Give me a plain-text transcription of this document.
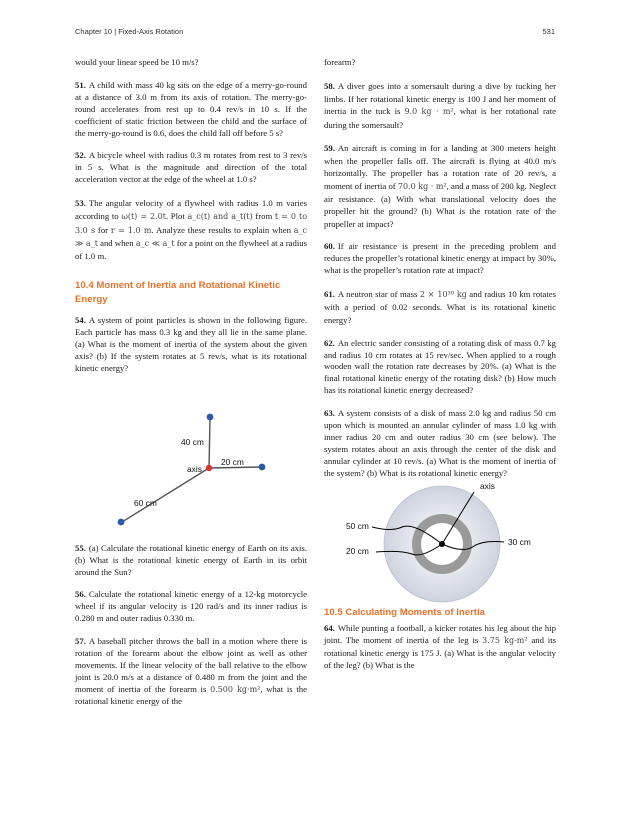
Chapter 10 | Fixed-Axis Rotation	531

would your linear speed be 10 m/s?

51. A child with mass 40 kg sits on the edge of a merry-go-round at a distance of 3.0 m from its axis of rotation. The merry-go-round accelerates from rest up to 0.4 rev/s in 10 s. If the coefficient of static friction between the child and the surface of the merry-go-round is 0.6, does the child fall off before 5 s?

52. A bicycle wheel with radius 0.3 m rotates from rest to 3 rev/s in 5 s. What is the magnitude and direction of the total acceleration vector at the edge of the wheel at 1.0 s?

53. The angular velocity of a flywheel with radius 1.0 m varies according to ω(t) = 2.0t. Plot a_c(t) and a_t(t) from t = 0 to 3.0 s for r = 1.0 m. Analyze these results to explain when a_c ≫ a_t and when a_c ≪ a_t for a point on the flywheel at a radius of 1.0 m.

10.4 Moment of Inertia and Rotational Kinetic Energy

54. A system of point particles is shown in the following figure. Each particle has mass 0.3 kg and they all lie in the same plane. (a) What is the moment of inertia of the system about the given axis? (b) If the system rotates at 5 rev/s, what is its rotational kinetic energy?

40 cm
axis
20 cm
60 cm

55. (a) Calculate the rotational kinetic energy of Earth on its axis. (b) What is the rotational kinetic energy of Earth in its orbit around the Sun?

56. Calculate the rotational kinetic energy of a 12-kg motorcycle wheel if its angular velocity is 120 rad/s and its inner radius is 0.280 m and outer radius 0.330 m.

57. A baseball pitcher throws the ball in a motion where there is rotation of the forearm about the elbow joint as well as other movements. If the linear velocity of the ball relative to the elbow joint is 20.0 m/s at a distance of 0.480 m from the joint and the moment of inertia of the forearm is 0.500 kg·m², what is the rotational kinetic energy of the

forearm?

58. A diver goes into a somersault during a dive by tucking her limbs. If her rotational kinetic energy is 100 J and her moment of inertia in the tuck is 9.0 kg · m², what is her rotational rate during the somersault?

59. An aircraft is coming in for a landing at 300 meters height when the propeller falls off. The aircraft is flying at 40.0 m/s horizontally. The propeller has a rotation rate of 20 rev/s, a moment of inertia of 70.0 kg · m², and a mass of 200 kg. Neglect air resistance. (a) With what translational velocity does the propeller hit the ground? (b) What is the rotation rate of the propeller at impact?

60. If air resistance is present in the preceding problem and reduces the propeller’s rotational kinetic energy at impact by 30%, what is the propeller’s rotation rate at impact?

61. A neutron star of mass 2 × 10³⁰ kg and radius 10 km rotates with a period of 0.02 seconds. What is its rotational kinetic energy?

62. An electric sander consisting of a rotating disk of mass 0.7 kg and radius 10 cm rotates at 15 rev/sec. When applied to a rough wooden wall the rotation rate decreases by 20%. (a) What is the final rotational kinetic energy of the rotating disk? (b) How much has its rotational kinetic energy decreased?

63. A system consists of a disk of mass 2.0 kg and radius 50 cm upon which is mounted an annular cylinder of mass 1.0 kg with inner radius 20 cm and outer radius 30 cm (see below). The system rotates about an axis through the center of the disk and annular cylinder at 10 rev/s. (a) What is the moment of inertia of the system? (b) What is its rotational kinetic energy?

axis
50 cm
30 cm
20 cm
10.5 Calculating Moments of Inertia

64. While punting a football, a kicker rotates his leg about the hip joint. The moment of inertia of the leg is 3.75 kg-m² and its rotational kinetic energy is 175 J. (a) What is the angular velocity of the leg? (b) What is the
